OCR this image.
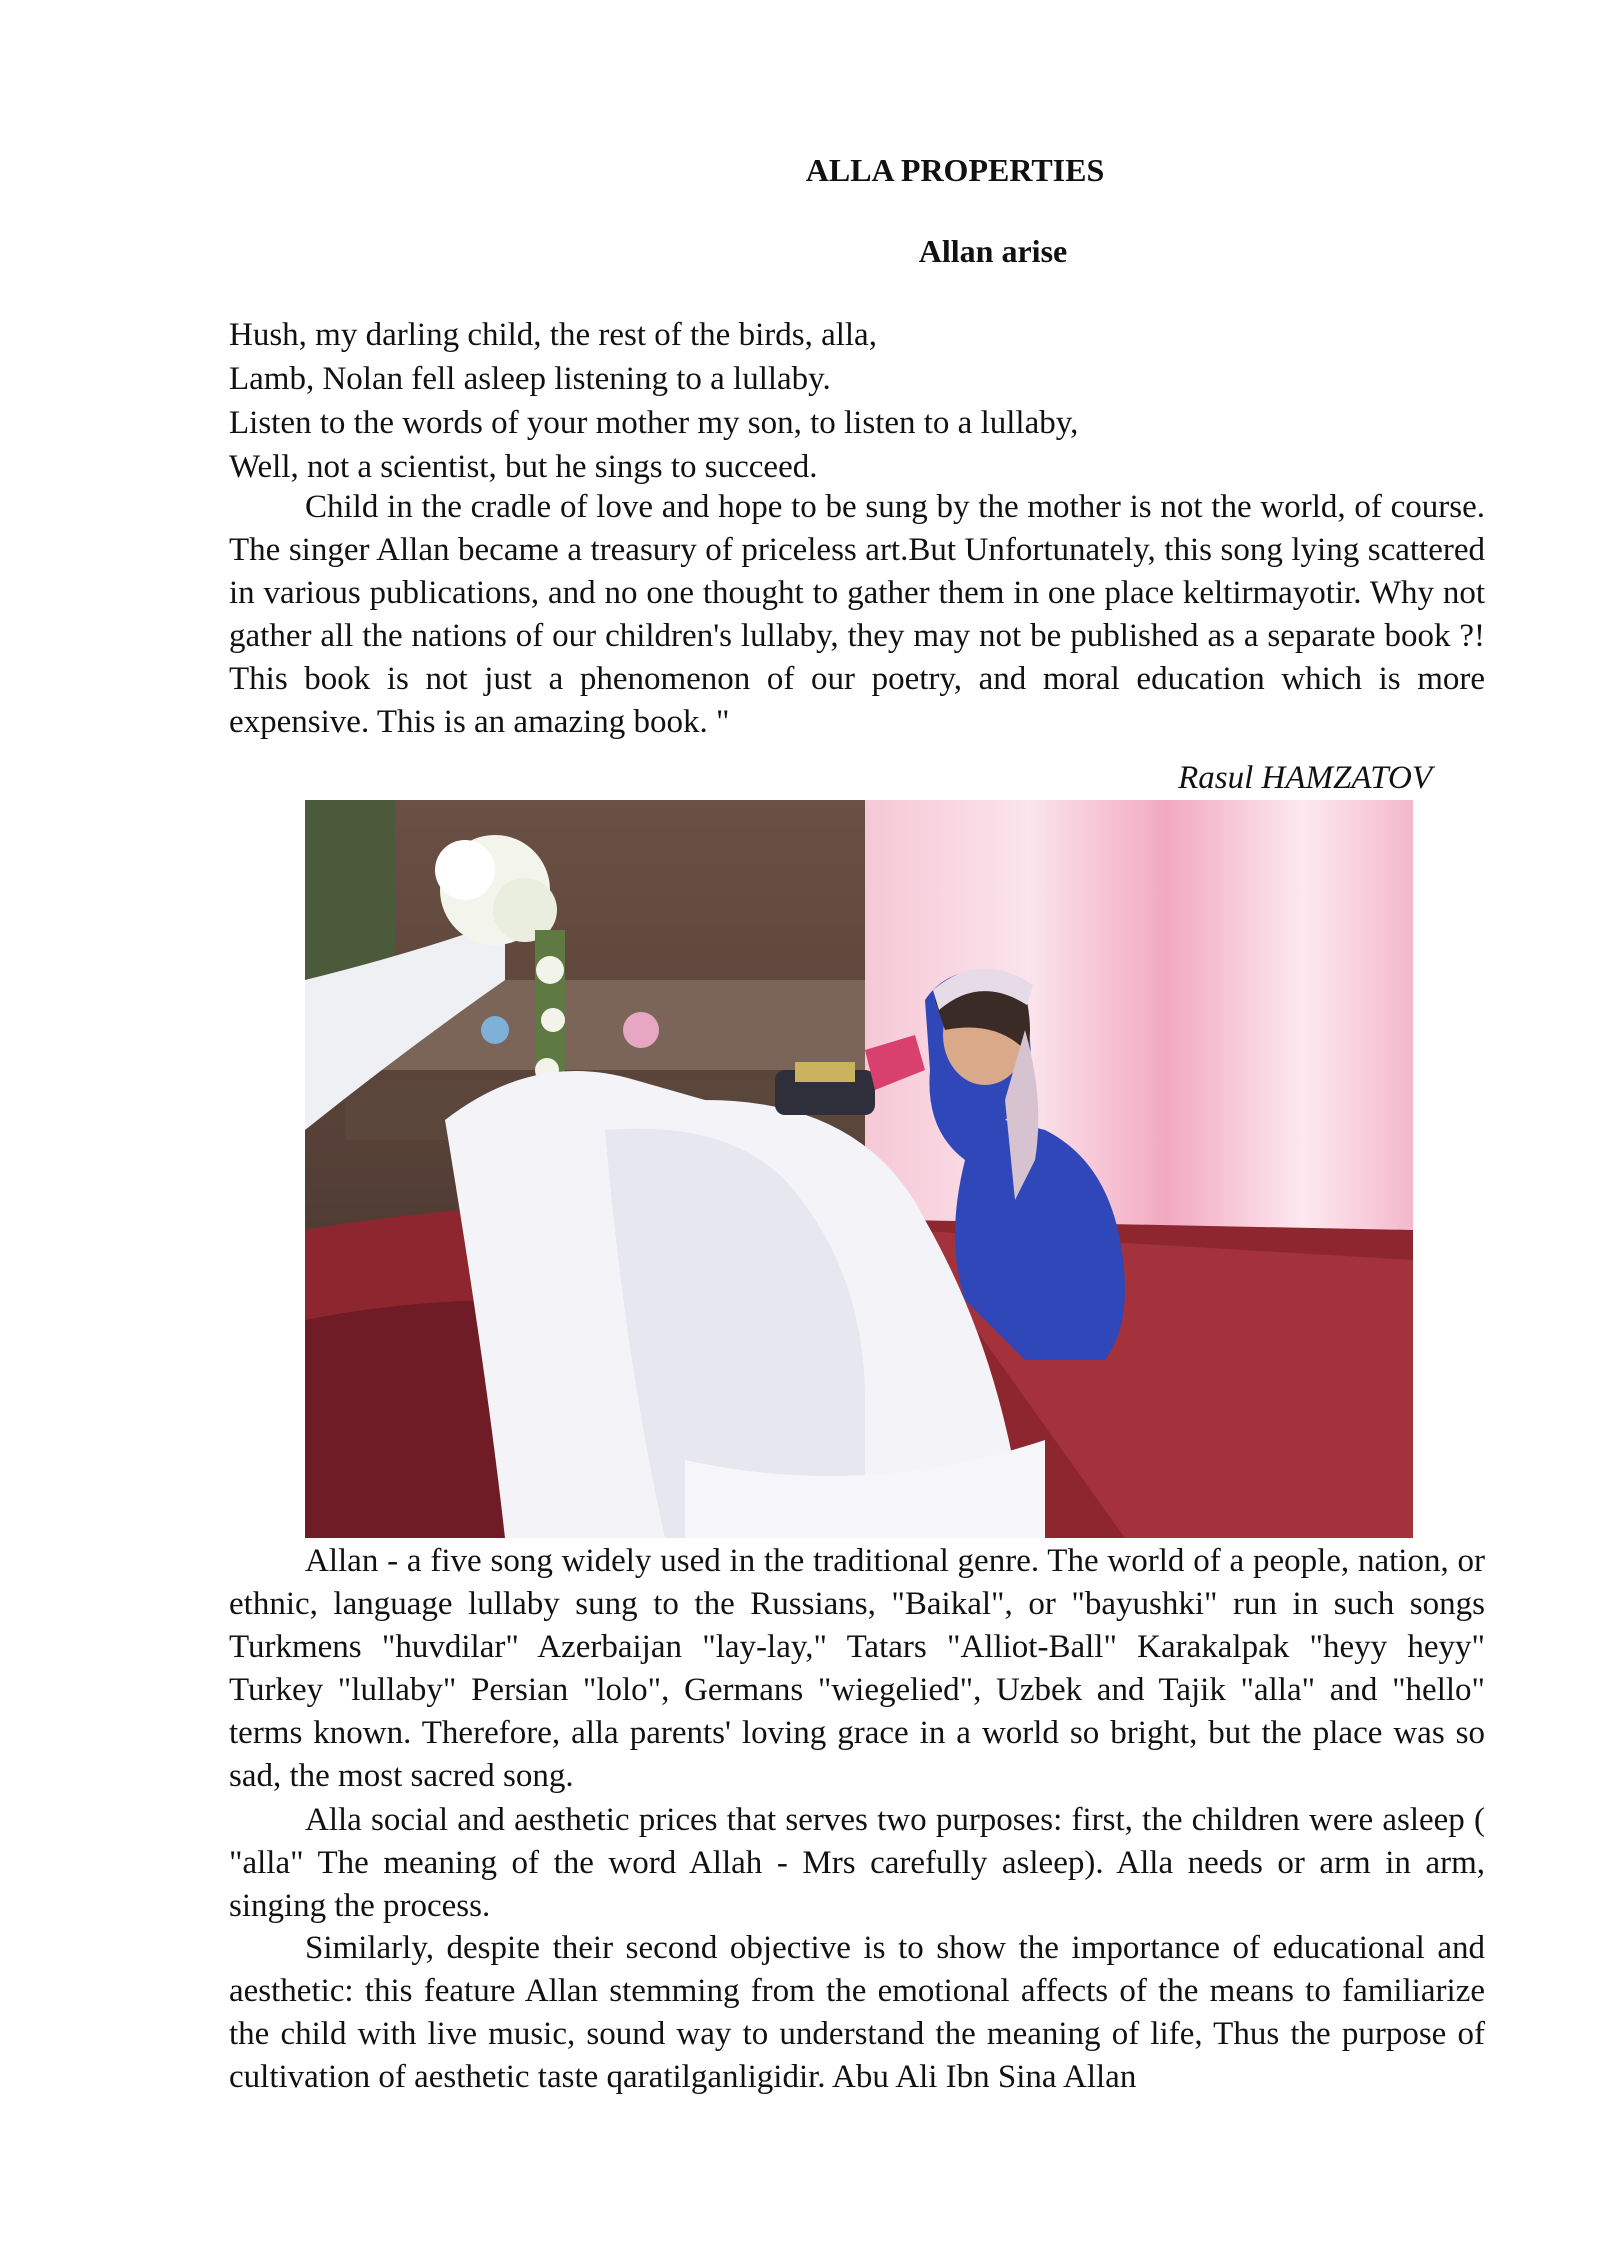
ALLA PROPERTIES
Allan arise
Hush, my darling child, the rest of the birds, alla,
Lamb, Nolan fell asleep listening to a lullaby.
Listen to the words of your mother my son, to listen to a lullaby,
Well, not a scientist, but he sings to succeed.

Child in the cradle of love and hope to be sung by the mother is not the world, of course. The singer Allan became a treasury of priceless art.But Unfortunately, this song lying scattered in various publications, and no one thought to gather them in one place keltirmayotir. Why not gather all the nations of our children's lullaby, they may not be published as a separate book ?! This book is not just a phenomenon of our poetry, and moral education which is more expensive. This is an amazing book. "

Rasul HAMZATOV

Allan - a five song widely used in the traditional genre. The world of a people, nation, or ethnic, language lullaby sung to the Russians, "Baikal", or "bayushki" run in such songs Turkmens "huvdilar" Azerbaijan "lay-lay," Tatars "Alliot-Ball" Karakalpak "heyy heyy" Turkey "lullaby" Persian "lolo", Germans "wiegelied", Uzbek and Tajik "alla" and "hello" terms known. Therefore, alla parents' loving grace in a world so bright, but the place was so sad, the most sacred song.

Alla social and aesthetic prices that serves two purposes: first, the children were asleep ( "alla" The meaning of the word Allah - Mrs carefully asleep). Alla needs or arm in arm, singing the process.

Similarly, despite their second objective is to show the importance of educational and aesthetic: this feature Allan stemming from the emotional affects of the means to familiarize the child with live music, sound way to understand the meaning of life, Thus the purpose of cultivation of aesthetic taste qaratilganligidir. Abu Ali Ibn Sina Allan
